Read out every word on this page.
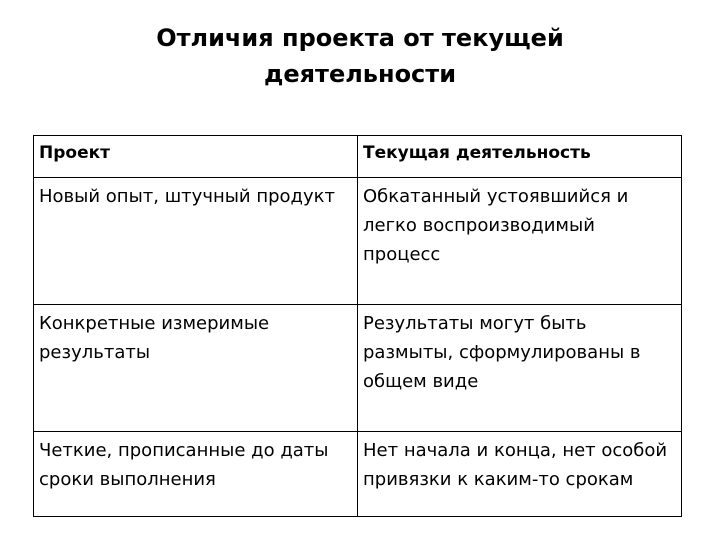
Отличия проекта от текущей
деятельности
Проект	Текущая деятельность
Новый опыт, штучный продукт	Обкатанный устоявшийся и легко воспроизводимый процесс
Конкретные измеримые результаты	Результаты могут быть размыты, сформулированы в общем виде
Четкие, прописанные до даты сроки выполнения	Нет начала и конца, нет особой привязки к каким-то срокам
